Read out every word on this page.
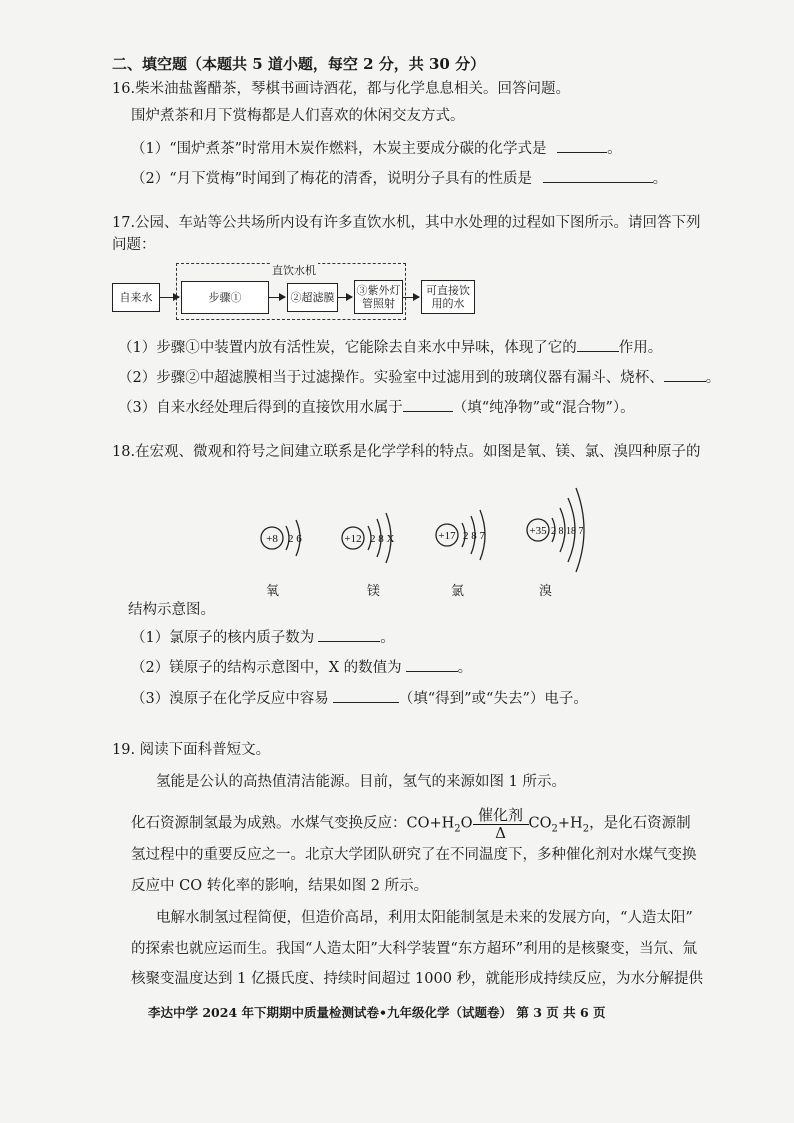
二、填空题（本题共 5 道小题，每空 2 分，共 30 分）
16.柴米油盐酱醋茶，琴棋书画诗酒花，都与化学息息相关。回答问题。
围炉煮茶和月下赏梅都是人们喜欢的休闲交友方式。
（1）“围炉煮茶”时常用木炭作燃料，木炭主要成分碳的化学式是	。
（2）“月下赏梅”时闻到了梅花的清香，说明分子具有的性质是	。
17.公园、车站等公共场所内设有许多直饮水机，其中水处理的过程如下图所示。请回答下列
问题：
直饮水机
自来水	步骤①	②超滤膜
③紫外灯
管照射
可直接饮
用的水
（1）步骤①中装置内放有活性炭，它能除去自来水中异味，体现了它的	作用。
（2）步骤②中超滤膜相当于过滤操作。实验室中过滤用到的玻璃仪器有漏斗、烧杯、	。
（3）自来水经处理后得到的直接饮用水属于	（填“纯净物”或“混合物”）。
18.在宏观、微观和符号之间建立联系是化学学科的特点。如图是氧、镁、氯、溴四种原子的
+8 2 6	+12 2 8 X	+17 2 8 7	+35 2 8 18 7
氧	镁	氯	溴
结构示意图。
（1）氯原子的核内质子数为	。
（2）镁原子的结构示意图中，X 的数值为	。
（3）溴原子在化学反应中容易	（填“得到”或“失去”）电子。
19. 阅读下面科普短文。
氢能是公认的高热值清洁能源。目前，氢气的来源如图 1 所示。
化石资源制氢最为成熟。水煤气变换反应：$CO+H_2O$ 催化剂
Δ
$CO_2+H_2$，是化石资源制
氢过程中的重要反应之一。北京大学团队研究了在不同温度下，多种催化剂对水煤气变换
反应中 CO 转化率的影响，结果如图 2 所示。
电解水制氢过程简便，但造价高昂，利用太阳能制氢是未来的发展方向，“人造太阳”
的探索也就应运而生。我国“人造太阳”大科学装置“东方超环”利用的是核聚变，当氘、氚
核聚变温度达到 1 亿摄氏度、持续时间超过 1000 秒，就能形成持续反应，为水分解提供
李达中学 2024 年下期期中质量检测试卷•九年级化学（试题卷） 第 3 页 共 6 页
